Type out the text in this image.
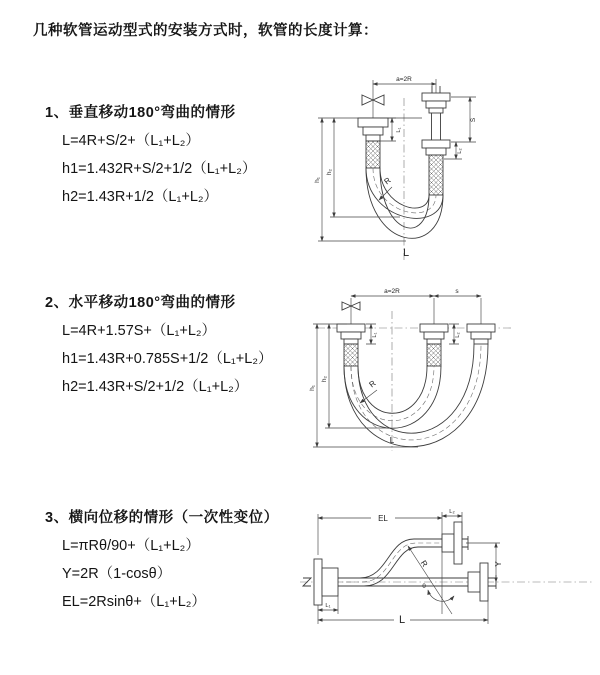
几种软管运动型式的安装方式时，软管的长度计算：
1、垂直移动180°弯曲的情形

L=4R+S/2+（L₁+L₂）

h1=1.432R+S/2+1/2（L₁+L₂）

h2=1.43R+1/2（L₁+L₂）

2、水平移动180°弯曲的情形

L=4R+1.57S+（L₁+L₂）

h1=1.43R+0.785S+1/2（L₁+L₂）

h2=1.43R+S/2+1/2（L₁+L₂）

3、横向位移的情形（一次性变位）

L=πRθ/90+（L₁+L₂）

Y=2R（1-cosθ）

EL=2Rsinθ+（L₁+L₂）

a=2R
L₁
S
L₂
h₁
h₂
R
L
a=2R	s
L₁	L₂
h₁
h₂	R
L
EL
L₂
Y
R
θ
L
L₁
